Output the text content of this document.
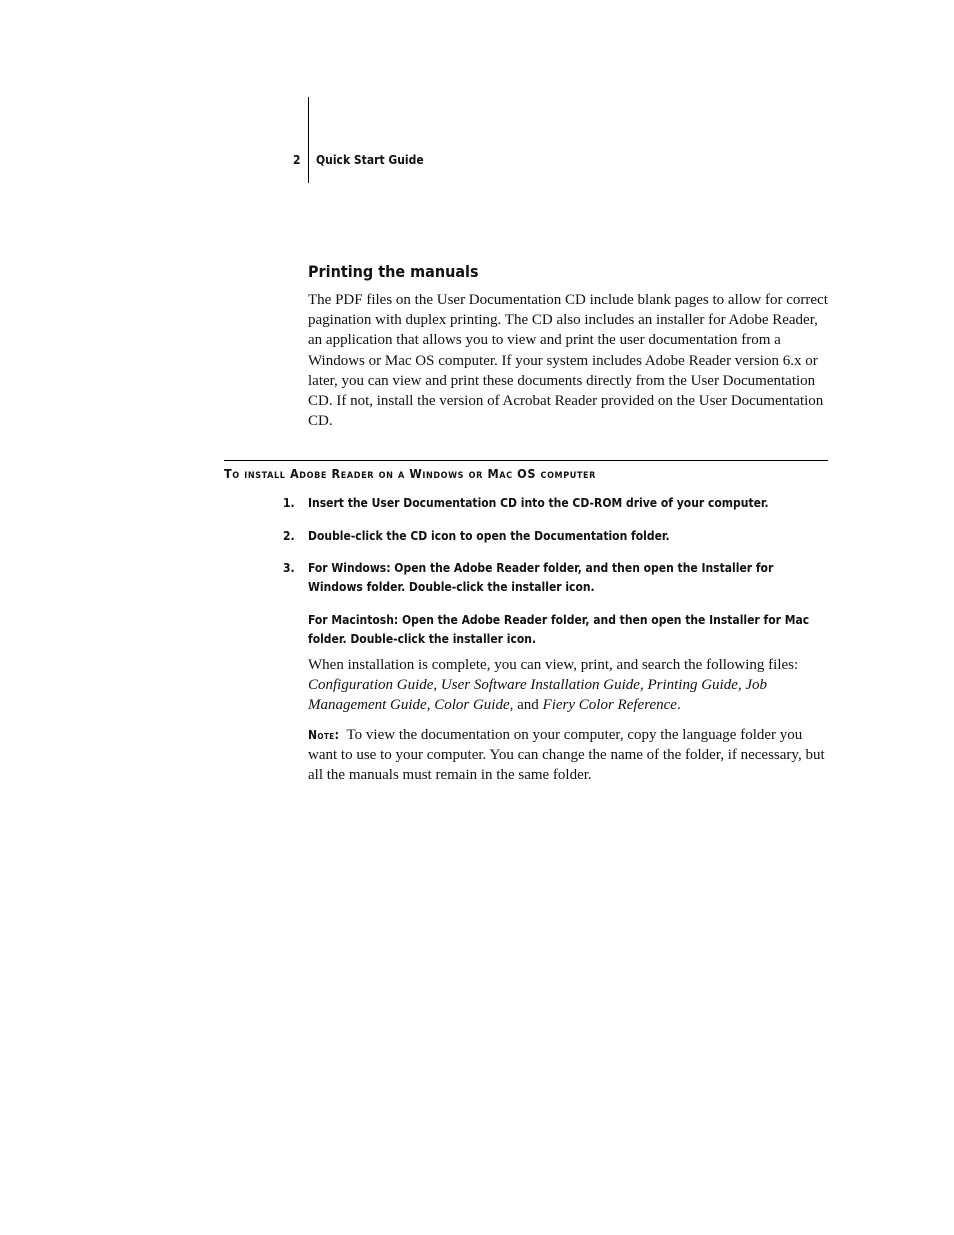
2 Quick Start Guide
Printing the manuals

The PDF files on the User Documentation CD include blank pages to allow for correct pagination with duplex printing. The CD also includes an installer for Adobe Reader, an application that allows you to view and print the user documentation from a Windows or Mac OS computer. If your system includes Adobe Reader version 6.x or later, you can view and print these documents directly from the User Documentation CD. If not, install the version of Acrobat Reader provided on the User Documentation CD.

To install Adobe Reader on a Windows or Mac OS computer
1. Insert the User Documentation CD into the CD-ROM drive of your computer.
2. Double-click the CD icon to open the Documentation folder.
3. For Windows: Open the Adobe Reader folder, and then open the Installer for Windows folder. Double-click the installer icon.
For Macintosh: Open the Adobe Reader folder, and then open the Installer for Mac folder. Double-click the installer icon.

When installation is complete, you can view, print, and search the following files: Configuration Guide, User Software Installation Guide, Printing Guide, Job Management Guide, Color Guide, and Fiery Color Reference.

Note: To view the documentation on your computer, copy the language folder you want to use to your computer. You can change the name of the folder, if necessary, but all the manuals must remain in the same folder.
